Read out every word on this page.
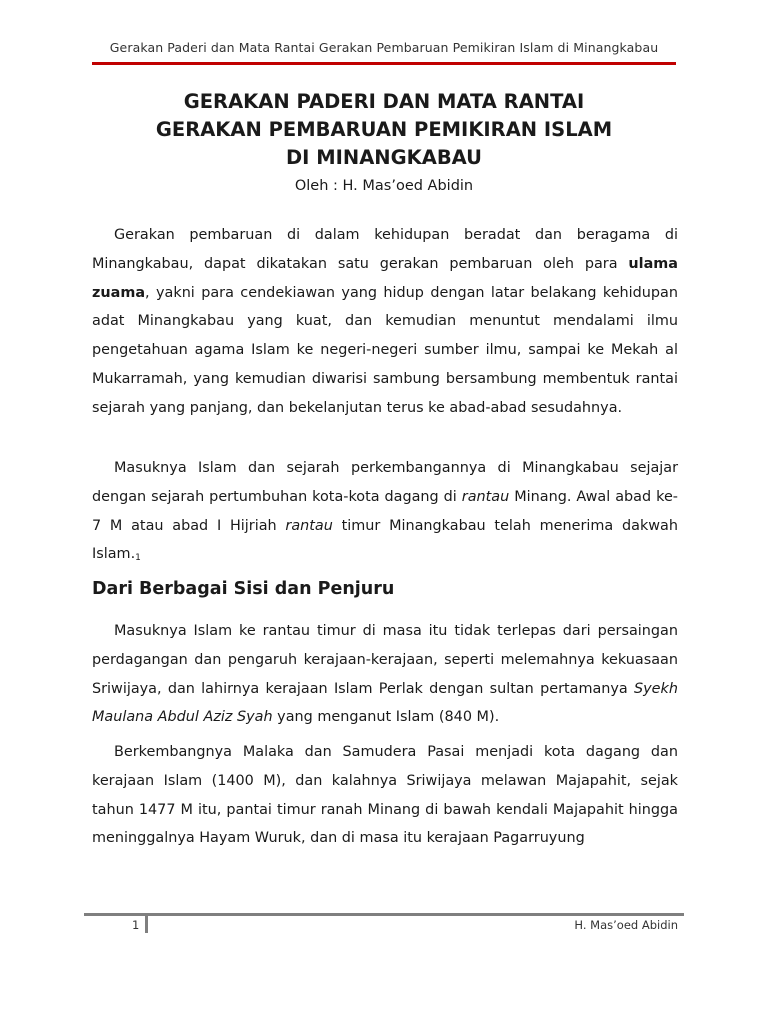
Gerakan Paderi dan Mata Rantai Gerakan Pembaruan Pemikiran Islam di Minangkabau
GERAKAN PADERI DAN MATA RANTAI
GERAKAN PEMBARUAN PEMIKIRAN ISLAM
DI MINANGKABAU
Oleh : H. Mas’oed Abidin

Gerakan pembaruan di dalam kehidupan beradat dan beragama di Minangkabau, dapat dikatakan satu gerakan pembaruan oleh para ulama zuama, yakni para cendekiawan yang hidup dengan latar belakang kehidupan adat Minangkabau yang kuat, dan kemudian menuntut mendalami ilmu pengetahuan agama Islam ke negeri-negeri sumber ilmu, sampai ke Mekah al Mukarramah, yang kemudian diwarisi sambung bersambung membentuk rantai sejarah yang panjang, dan bekelanjutan terus ke abad-abad sesudahnya.

Masuknya Islam dan sejarah perkembangannya di Minangkabau sejajar dengan sejarah pertumbuhan kota-kota dagang di rantau Minang. Awal abad ke-7 M atau abad I Hijriah rantau timur Minangkabau telah menerima dakwah Islam.1

Dari Berbagai Sisi dan Penjuru

Masuknya Islam ke rantau timur di masa itu tidak terlepas dari persaingan perdagangan dan pengaruh kerajaan-kerajaan, seperti melemahnya kekuasaan Sriwijaya, dan lahirnya kerajaan Islam Perlak dengan sultan pertamanya Syekh Maulana Abdul Aziz Syah yang menganut Islam (840 M).

Berkembangnya Malaka dan Samudera Pasai menjadi kota dagang dan kerajaan Islam (1400 M), dan kalahnya Sriwijaya melawan Majapahit, sejak tahun 1477 M itu, pantai timur ranah Minang di bawah kendali Majapahit hingga meninggalnya Hayam Wuruk, dan di masa itu kerajaan Pagarruyung

1	H. Mas’oed Abidin
